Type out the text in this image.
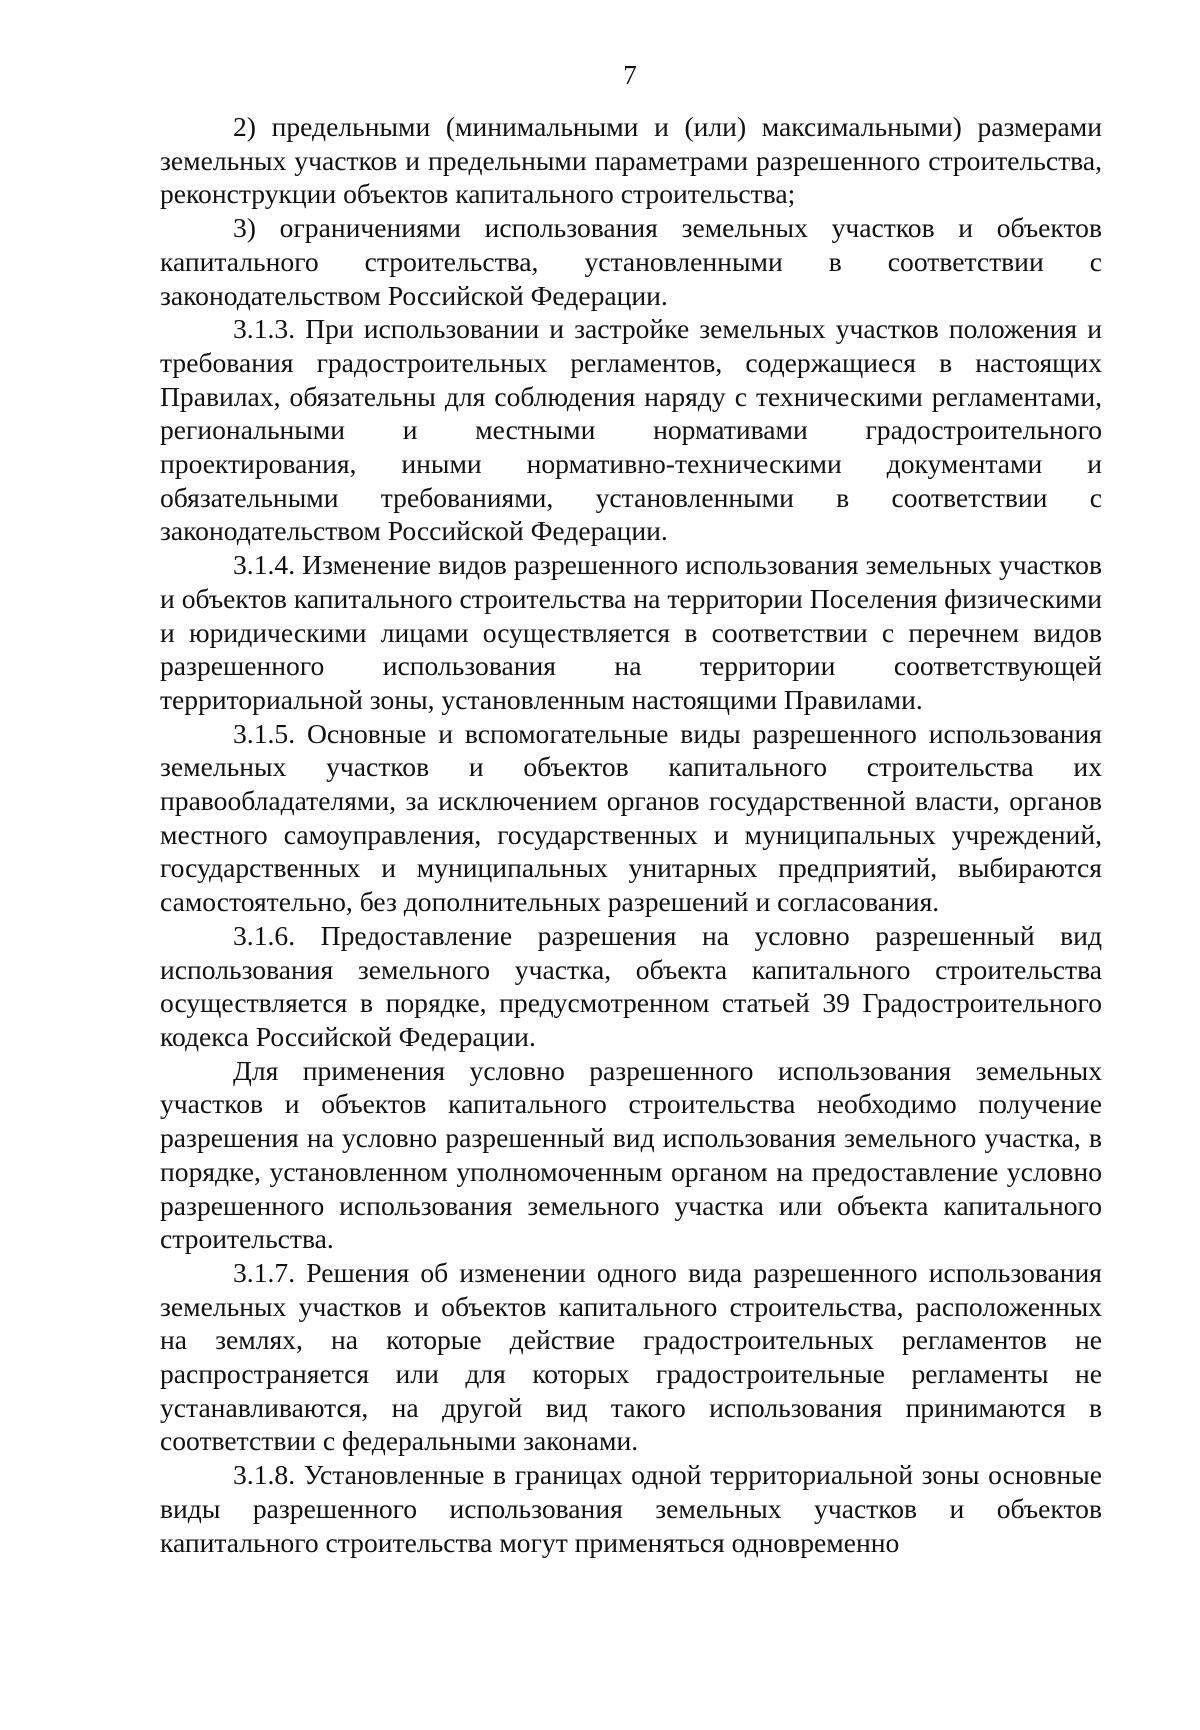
7

2) предельными (минимальными и (или) максимальными) размерами земельных участков и предельными параметрами разрешенного строительства, реконструкции объектов капитального строительства;

3) ограничениями использования земельных участков и объектов капитального строительства, установленными в соответствии с законодательством Российской Федерации.

3.1.3. При использовании и застройке земельных участков положения и требования градостроительных регламентов, содержащиеся в настоящих Правилах, обязательны для соблюдения наряду с техническими регламентами, региональными и местными нормативами градостроительного проектирования, иными нормативно-техническими документами и обязательными требованиями, установленными в соответствии с законодательством Российской Федерации.

3.1.4. Изменение видов разрешенного использования земельных участков и объектов капитального строительства на территории Поселения физическими и юридическими лицами осуществляется в соответствии с перечнем видов разрешенного использования на территории соответствующей территориальной зоны, установленным настоящими Правилами.

3.1.5. Основные и вспомогательные виды разрешенного использования земельных участков и объектов капитального строительства их правообладателями, за исключением органов государственной власти, органов местного самоуправления, государственных и муниципальных учреждений, государственных и муниципальных унитарных предприятий, выбираются самостоятельно, без дополнительных разрешений и согласования.

3.1.6. Предоставление разрешения на условно разрешенный вид использования земельного участка, объекта капитального строительства осуществляется в порядке, предусмотренном статьей 39 Градостроительного кодекса Российской Федерации.

Для применения условно разрешенного использования земельных участков и объектов капитального строительства необходимо получение разрешения на условно разрешенный вид использования земельного участка, в порядке, установленном уполномоченным органом на предоставление условно разрешенного использования земельного участка или объекта капитального строительства.

3.1.7. Решения об изменении одного вида разрешенного использования земельных участков и объектов капитального строительства, расположенных на землях, на которые действие градостроительных регламентов не распространяется или для которых градостроительные регламенты не устанавливаются, на другой вид такого использования принимаются в соответствии с федеральными законами.

3.1.8. Установленные в границах одной территориальной зоны основные виды разрешенного использования земельных участков и объектов капитального строительства могут применяться одновременно
